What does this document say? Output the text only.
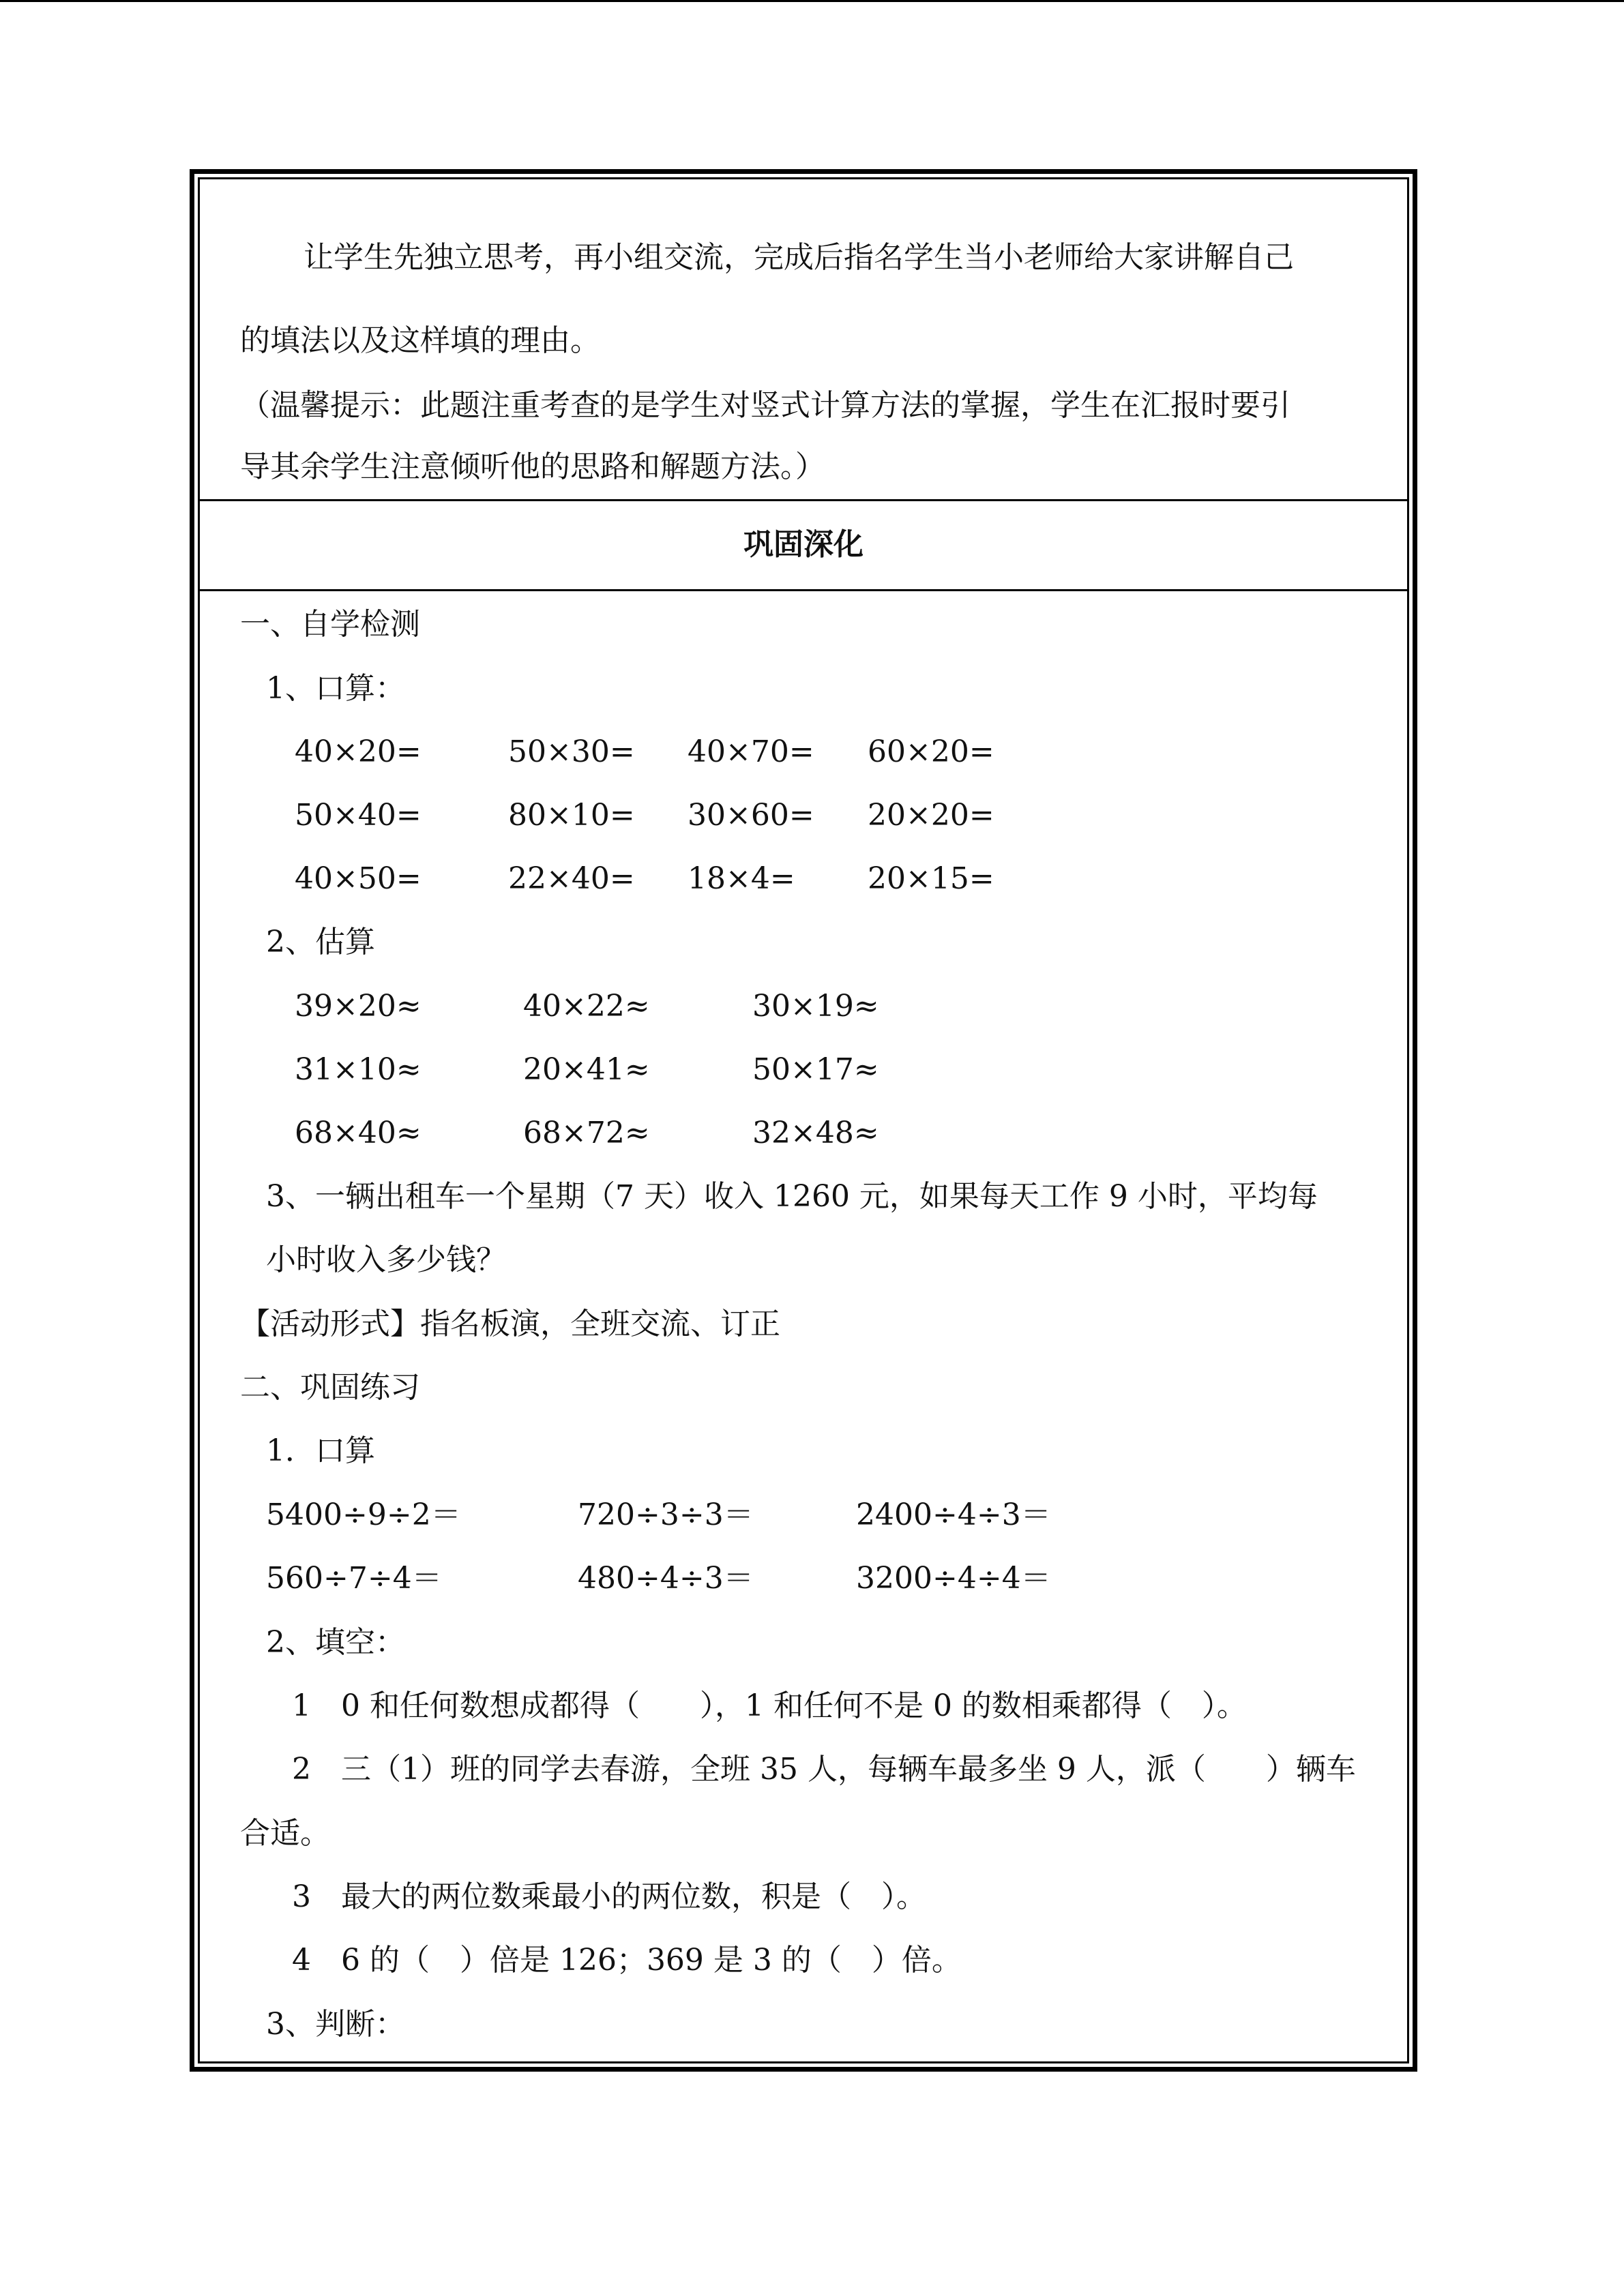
让学生先独立思考，再小组交流，完成后指名学生当小老师给大家讲解自己
的填法以及这样填的理由。
（温馨提示：此题注重考查的是学生对竖式计算方法的掌握，学生在汇报时要引
导其余学生注意倾听他的思路和解题方法。）
巩固深化
一、自学检测
1、口算：
40×20=	50×30= 40×70= 60×20=
50×40=	80×10= 30×60= 20×20=
40×50=	22×40= 18×4= 20×15=
2、估算
39×20≈	40×22≈	30×19≈
31×10≈	20×41≈	50×17≈
68×40≈	68×72≈	32×48≈
3、一辆出租车一个星期（7 天）收入 1260 元，如果每天工作 9 小时，平均每
小时收入多少钱？
【活动形式】指名板演，全班交流、订正
二、巩固练习
1．口算
5400÷9÷2＝	720÷3÷3＝	2400÷4÷3＝
560÷7÷4＝	480÷4÷3＝	3200÷4÷4＝
2、填空：
1　0 和任何数想成都得（　　），1 和任何不是 0 的数相乘都得（　）。
2　三（1）班的同学去春游，全班 35 人，每辆车最多坐 9 人，派（　　）辆车
合适。
3　最大的两位数乘最小的两位数，积是（　）。
4　6 的（　）倍是 126；369 是 3 的（　）倍。
3、判断：
